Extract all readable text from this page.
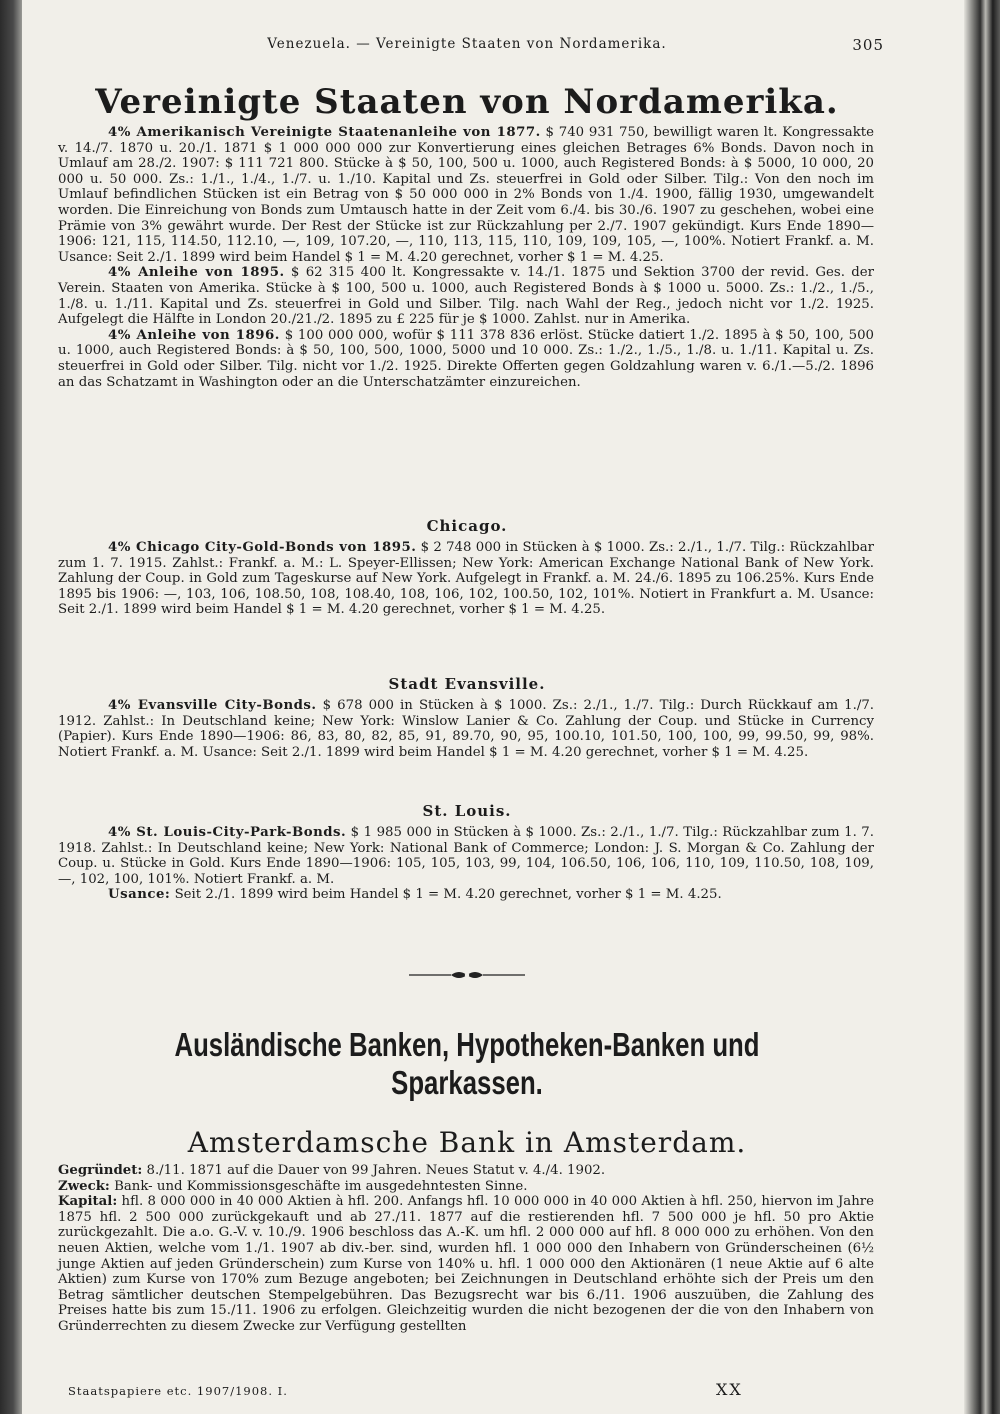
Venezuela. — Vereinigte Staaten von Nordamerika.	305
Vereinigte Staaten von Nordamerika.

4% Amerikanisch Vereinigte Staatenanleihe von 1877. $ 740 931 750, bewilligt waren lt. Kongressakte v. 14./7. 1870 u. 20./1. 1871 $ 1 000 000 000 zur Konvertierung eines gleichen Betrages 6% Bonds. Davon noch in Umlauf am 28./2. 1907: $ 111 721 800. Stücke à $ 50, 100, 500 u. 1000, auch Registered Bonds: à $ 5000, 10 000, 20 000 u. 50 000. Zs.: 1./1., 1./4., 1./7. u. 1./10. Kapital und Zs. steuerfrei in Gold oder Silber. Tilg.: Von den noch im Umlauf befindlichen Stücken ist ein Betrag von $ 50 000 000 in 2% Bonds von 1./4. 1900, fällig 1930, umgewandelt worden. Die Einreichung von Bonds zum Umtausch hatte in der Zeit vom 6./4. bis 30./6. 1907 zu geschehen, wobei eine Prämie von 3% gewährt wurde. Der Rest der Stücke ist zur Rückzahlung per 2./7. 1907 gekündigt. Kurs Ende 1890—1906: 121, 115, 114.50, 112.10, —, 109, 107.20, —, 110, 113, 115, 110, 109, 109, 105, —, 100%. Notiert Frankf. a. M. Usance: Seit 2./1. 1899 wird beim Handel $ 1 = M. 4.20 gerechnet, vorher $ 1 = M. 4.25.

4% Anleihe von 1895. $ 62 315 400 lt. Kongressakte v. 14./1. 1875 und Sektion 3700 der revid. Ges. der Verein. Staaten von Amerika. Stücke à $ 100, 500 u. 1000, auch Registered Bonds à $ 1000 u. 5000. Zs.: 1./2., 1./5., 1./8. u. 1./11. Kapital und Zs. steuerfrei in Gold und Silber. Tilg. nach Wahl der Reg., jedoch nicht vor 1./2. 1925. Aufgelegt die Hälfte in London 20./21./2. 1895 zu £ 225 für je $ 1000. Zahlst. nur in Amerika.

4% Anleihe von 1896. $ 100 000 000, wofür $ 111 378 836 erlöst. Stücke datiert 1./2. 1895 à $ 50, 100, 500 u. 1000, auch Registered Bonds: à $ 50, 100, 500, 1000, 5000 und 10 000. Zs.: 1./2., 1./5., 1./8. u. 1./11. Kapital u. Zs. steuerfrei in Gold oder Silber. Tilg. nicht vor 1./2. 1925. Direkte Offerten gegen Goldzahlung waren v. 6./1.—5./2. 1896 an das Schatzamt in Washington oder an die Unterschatzämter einzureichen.

Chicago.

4% Chicago City-Gold-Bonds von 1895. $ 2 748 000 in Stücken à $ 1000. Zs.: 2./1., 1./7. Tilg.: Rückzahlbar zum 1. 7. 1915. Zahlst.: Frankf. a. M.: L. Speyer-Ellissen; New York: American Exchange National Bank of New York. Zahlung der Coup. in Gold zum Tageskurse auf New York. Aufgelegt in Frankf. a. M. 24./6. 1895 zu 106.25%. Kurs Ende 1895 bis 1906: —, 103, 106, 108.50, 108, 108.40, 108, 106, 102, 100.50, 102, 101%. Notiert in Frankfurt a. M. Usance: Seit 2./1. 1899 wird beim Handel $ 1 = M. 4.20 gerechnet, vorher $ 1 = M. 4.25.

Stadt Evansville.

4% Evansville City-Bonds. $ 678 000 in Stücken à $ 1000. Zs.: 2./1., 1./7. Tilg.: Durch Rückkauf am 1./7. 1912. Zahlst.: In Deutschland keine; New York: Winslow Lanier & Co. Zahlung der Coup. und Stücke in Currency (Papier). Kurs Ende 1890—1906: 86, 83, 80, 82, 85, 91, 89.70, 90, 95, 100.10, 101.50, 100, 100, 99, 99.50, 99, 98%. Notiert Frankf. a. M. Usance: Seit 2./1. 1899 wird beim Handel $ 1 = M. 4.20 gerechnet, vorher $ 1 = M. 4.25.

St. Louis.

4% St. Louis-City-Park-Bonds. $ 1 985 000 in Stücken à $ 1000. Zs.: 2./1., 1./7. Tilg.: Rückzahlbar zum 1. 7. 1918. Zahlst.: In Deutschland keine; New York: National Bank of Commerce; London: J. S. Morgan & Co. Zahlung der Coup. u. Stücke in Gold. Kurs Ende 1890—1906: 105, 105, 103, 99, 104, 106.50, 106, 106, 110, 109, 110.50, 108, 109, —, 102, 100, 101%. Notiert Frankf. a. M.

Usance: Seit 2./1. 1899 wird beim Handel $ 1 = M. 4.20 gerechnet, vorher $ 1 = M. 4.25.

Ausländische Banken, Hypotheken-Banken und Sparkassen.
Amsterdamsche Bank in Amsterdam.
Gegründet: 8./11. 1871 auf die Dauer von 99 Jahren. Neues Statut v. 4./4. 1902.
Zweck: Bank- und Kommissionsgeschäfte im ausgedehntesten Sinne.
Kapital: hfl. 8 000 000 in 40 000 Aktien à hfl. 200. Anfangs hfl. 10 000 000 in 40 000 Aktien à hfl. 250, hiervon im Jahre 1875 hfl. 2 500 000 zurückgekauft und ab 27./11. 1877 auf die restierenden hfl. 7 500 000 je hfl. 50 pro Aktie zurückgezahlt. Die a.o. G.-V. v. 10./9. 1906 beschloss das A.-K. um hfl. 2 000 000 auf hfl. 8 000 000 zu erhöhen. Von den neuen Aktien, welche vom 1./1. 1907 ab div.-ber. sind, wurden hfl. 1 000 000 den Inhabern von Gründerscheinen (6½ junge Aktien auf jeden Gründerschein) zum Kurse von 140% u. hfl. 1 000 000 den Aktionären (1 neue Aktie auf 6 alte Aktien) zum Kurse von 170% zum Bezuge angeboten; bei Zeichnungen in Deutschland erhöhte sich der Preis um den Betrag sämtlicher deutschen Stempelgebühren. Das Bezugsrecht war bis 6./11. 1906 auszuüben, die Zahlung des Preises hatte bis zum 15./11. 1906 zu erfolgen. Gleichzeitig wurden die nicht bezogenen der die von den Inhabern von Gründerrechten zu diesem Zwecke zur Verfügung gestellten
Staatspapiere etc. 1907/1908. I.	XX
